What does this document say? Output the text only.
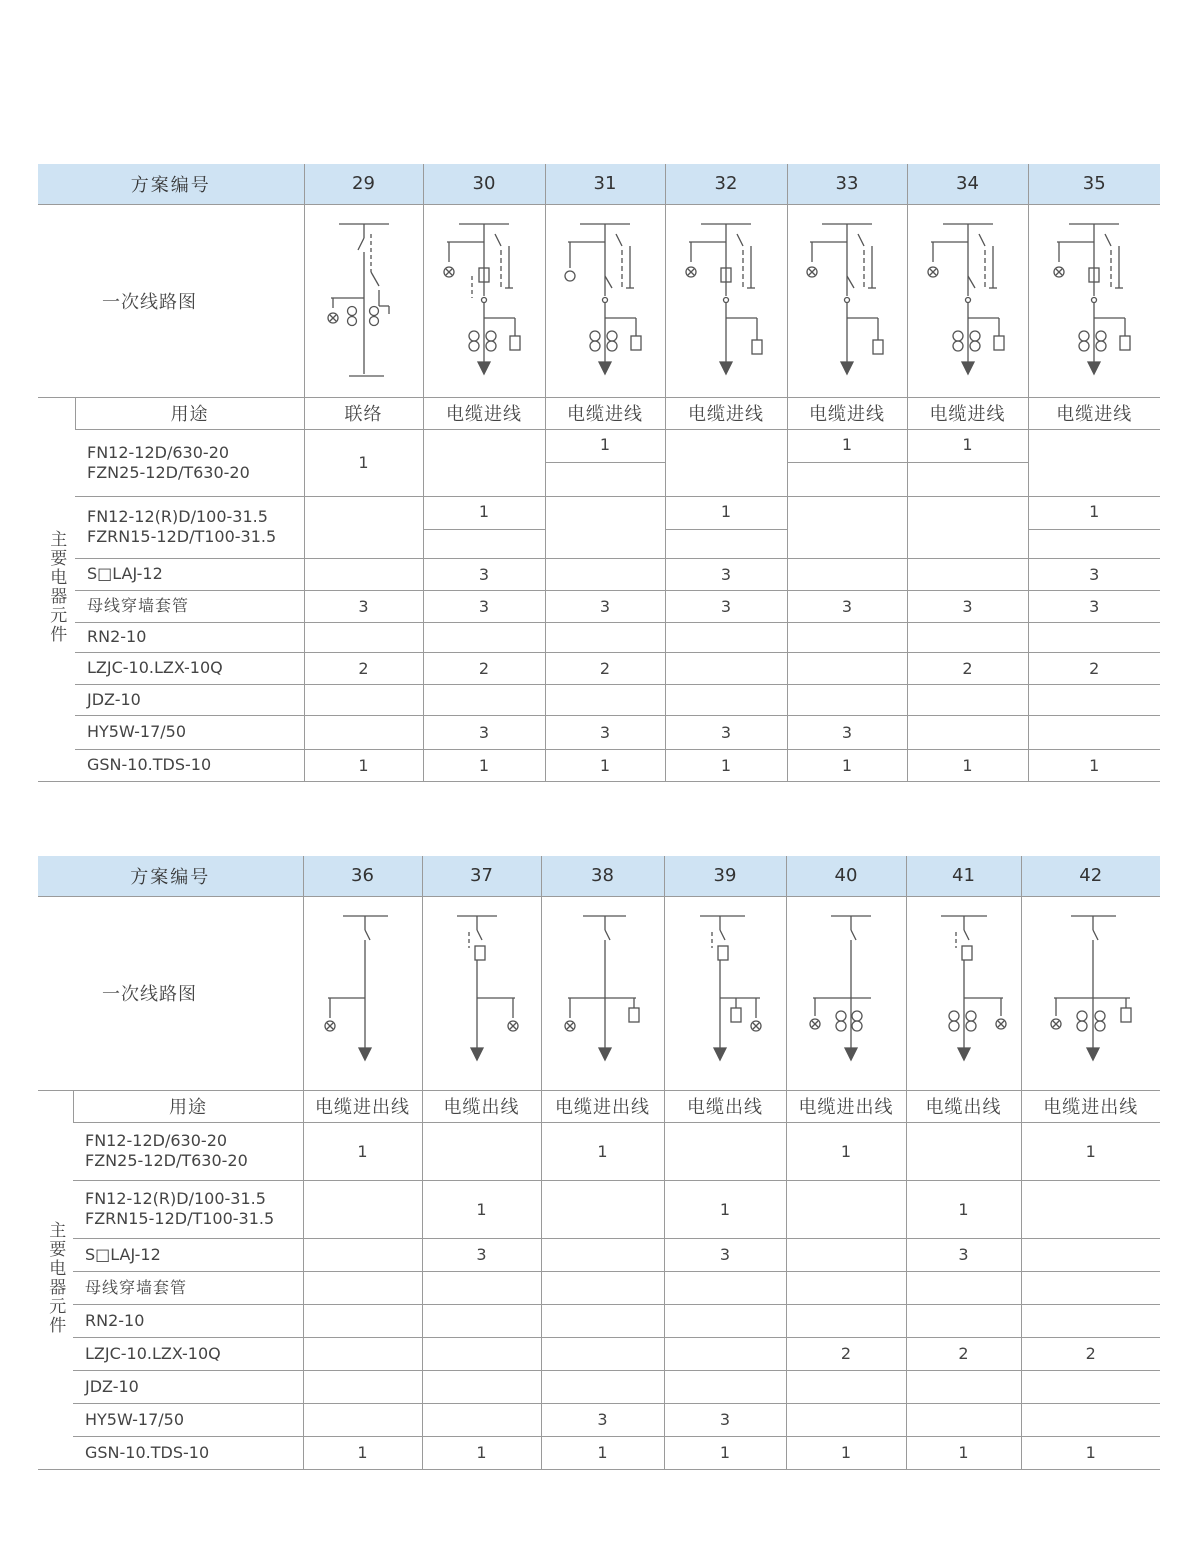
方案编号		29	30	31	32	33	34	35
一次线路图	

主要电器元件	用途	联络	电缆进线	电缆进线	电缆进线	电缆进线	电缆进线	电缆进线
	FN12-12D/630-20
FZN25-12D/T630-20	1		1		1	1	

	FN12-12(R)D/100-31.5
FZRN15-12D/T100-31.5		1		1			1

	S□LAJ-12		3		3			3
	母线穿墙套管	3	3	3	3	3	3	3
	RN2-10							
	LZJC-10.LZX-10Q	2	2	2			2	2
	JDZ-10							
	HY5W-17/50		3	3	3	3		
	GSN-10.TDS-10	1	1	1	1	1	1	1
方案编号		36	37	38	39	40	41	42
一次线路图	

主要电器元件	用途	电缆进出线	电缆出线	电缆进出线	电缆出线	电缆进出线	电缆出线	电缆进出线
	FN12-12D/630-20
FZN25-12D/T630-20	1		1		1		1
	FN12-12(R)D/100-31.5
FZRN15-12D/T100-31.5		1		1		1	
	S□LAJ-12		3		3		3	
	母线穿墙套管							
	RN2-10							
	LZJC-10.LZX-10Q					2	2	2
	JDZ-10							
	HY5W-17/50			3	3			
	GSN-10.TDS-10	1	1	1	1	1	1	1
